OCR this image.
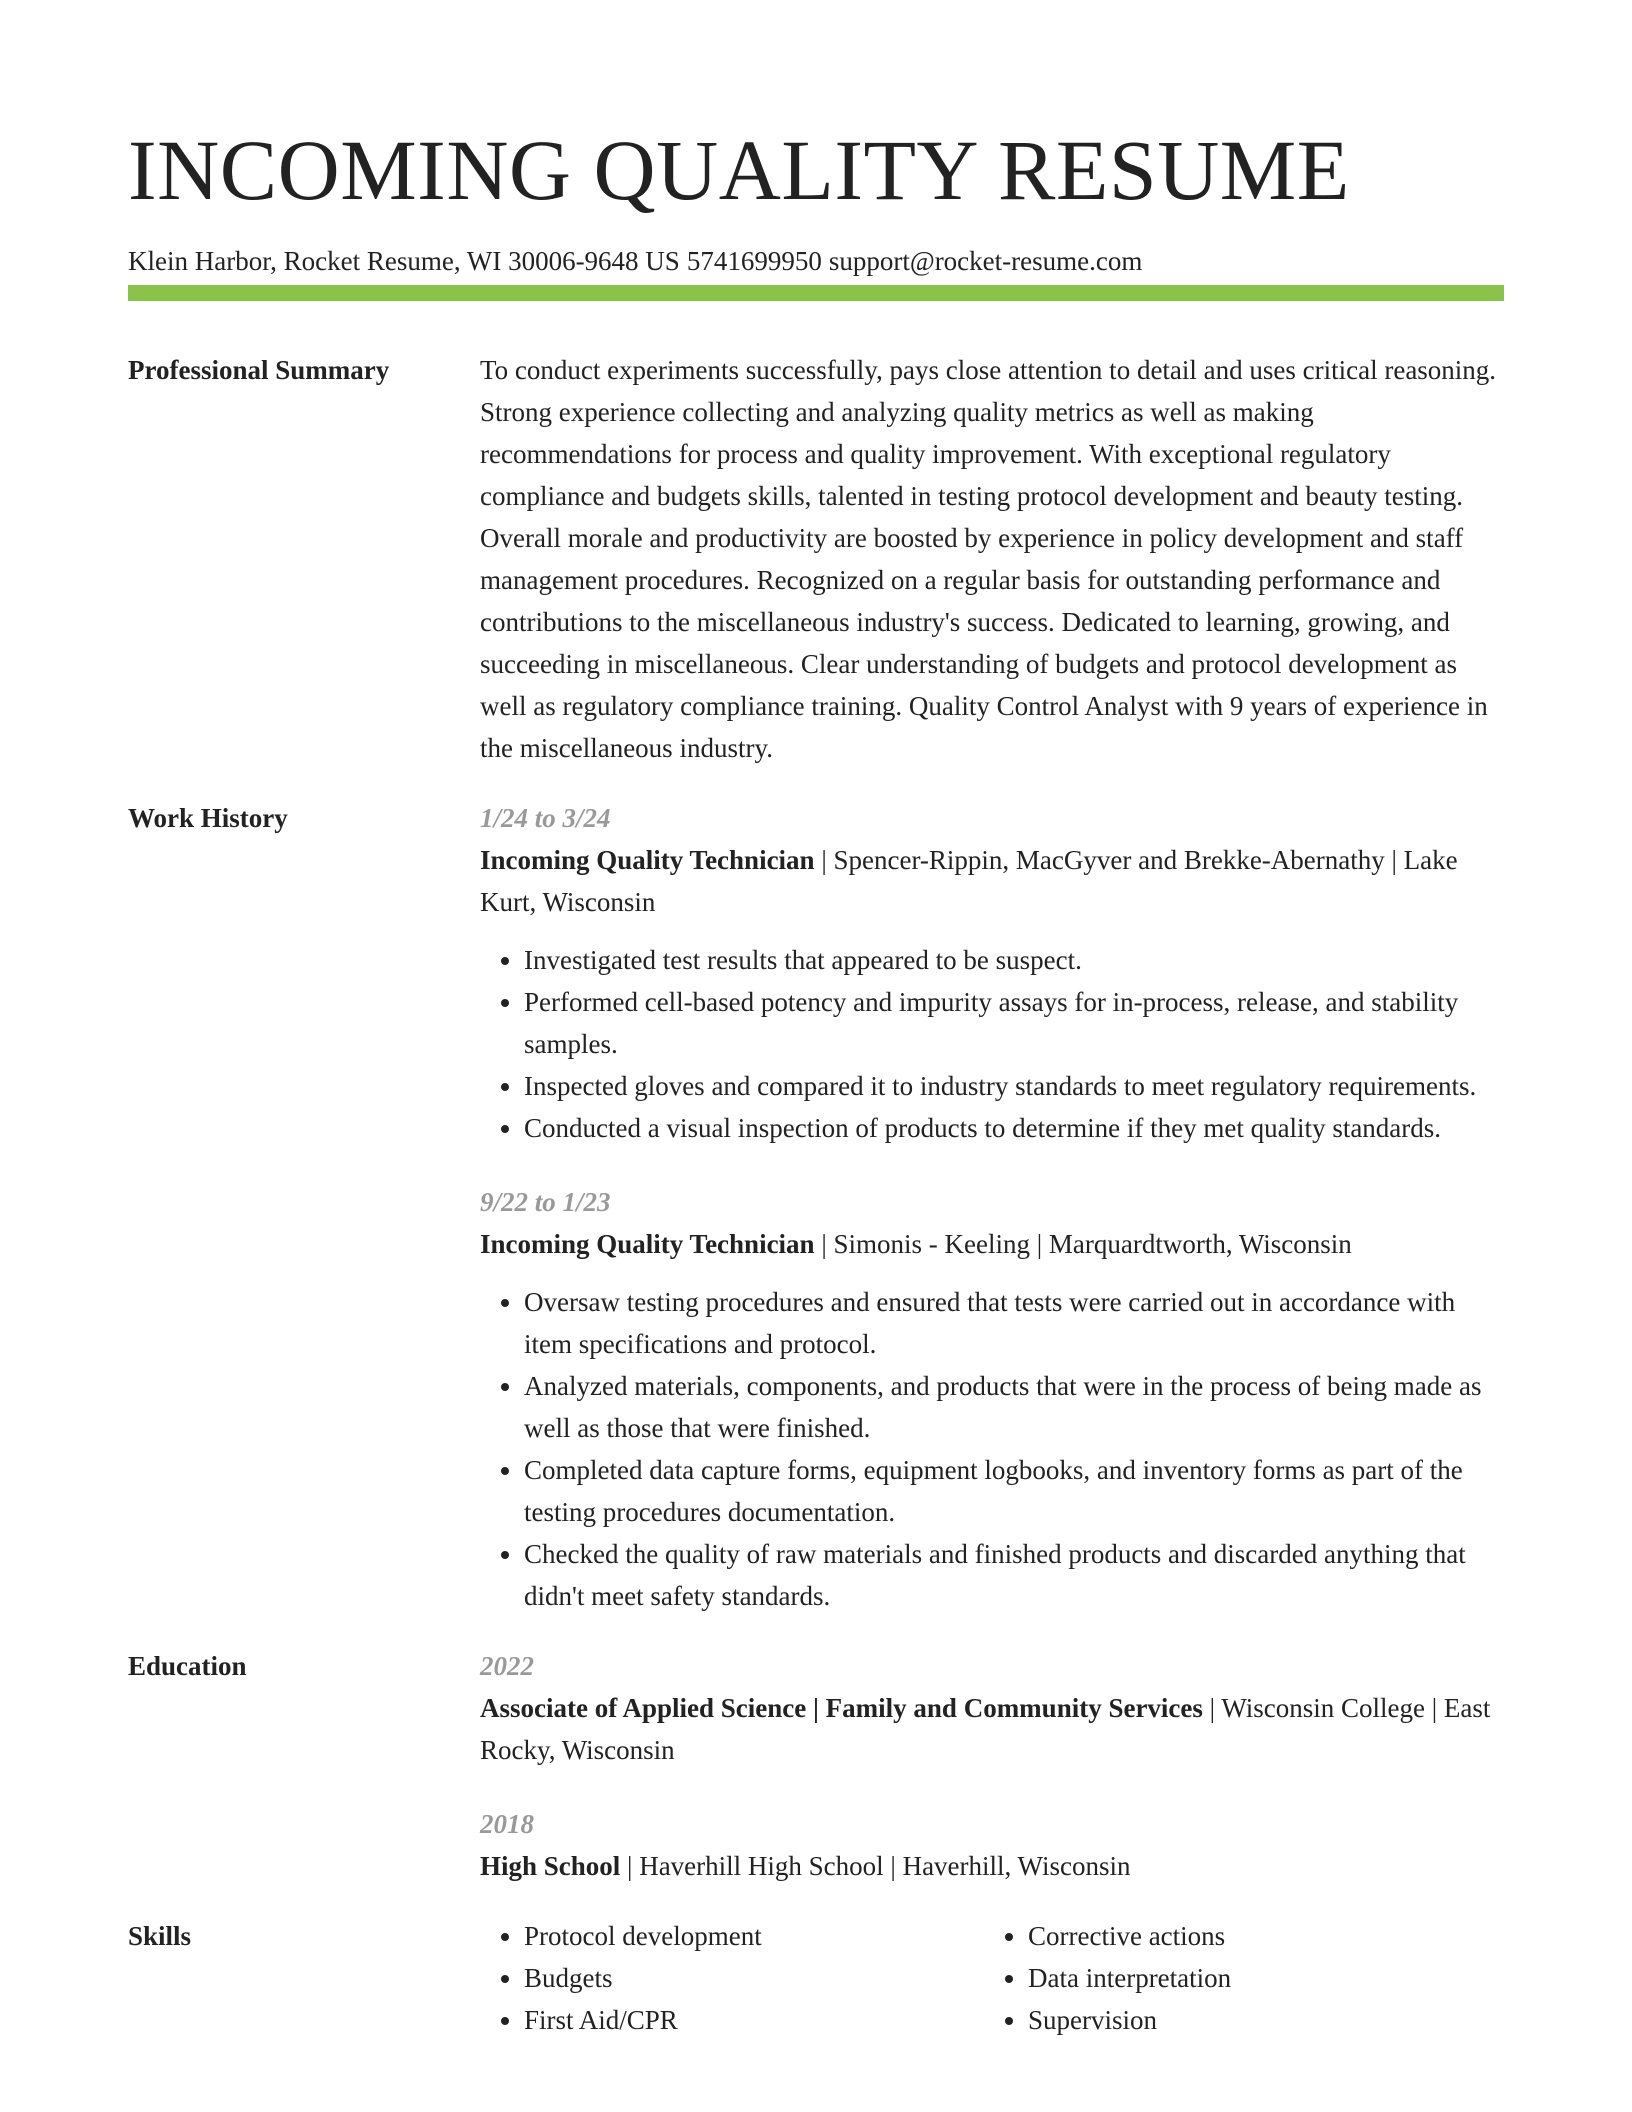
INCOMING QUALITY RESUME
Klein Harbor, Rocket Resume, WI 30006-9648 US 5741699950 support@rocket-resume.com
Professional Summary	To conduct experiments successfully, pays close attention to detail and uses critical reasoning. Strong experience collecting and analyzing quality metrics as well as making recommendations for process and quality improvement. With exceptional regulatory compliance and budgets skills, talented in testing protocol development and beauty testing. Overall morale and productivity are boosted by experience in policy development and staff management procedures. Recognized on a regular basis for outstanding performance and contributions to the miscellaneous industry's success. Dedicated to learning, growing, and succeeding in miscellaneous. Clear understanding of budgets and protocol development as well as regulatory compliance training. Quality Control Analyst with 9 years of experience in the miscellaneous industry.

Work History	1/24 to 3/24
Incoming Quality Technician | Spencer-Rippin, MacGyver and Brekke-Abernathy | Lake Kurt, Wisconsin
• Investigated test results that appeared to be suspect.
• Performed cell-based potency and impurity assays for in-process, release, and stability samples.
• Inspected gloves and compared it to industry standards to meet regulatory requirements.
• Conducted a visual inspection of products to determine if they met quality standards.
9/22 to 1/23
Incoming Quality Technician | Simonis - Keeling | Marquardtworth, Wisconsin
• Oversaw testing procedures and ensured that tests were carried out in accordance with item specifications and protocol.
• Analyzed materials, components, and products that were in the process of being made as well as those that were finished.
• Completed data capture forms, equipment logbooks, and inventory forms as part of the testing procedures documentation.
• Checked the quality of raw materials and finished products and discarded anything that didn't meet safety standards.
Education	2022
Associate of Applied Science | Family and Community Services | Wisconsin College | East Rocky, Wisconsin
2018
High School | Haverhill High School | Haverhill, Wisconsin
Skills
•	Protocol development
• Budgets
• First Aid/CPR
• Corrective actions
• Data interpretation
• Supervision
